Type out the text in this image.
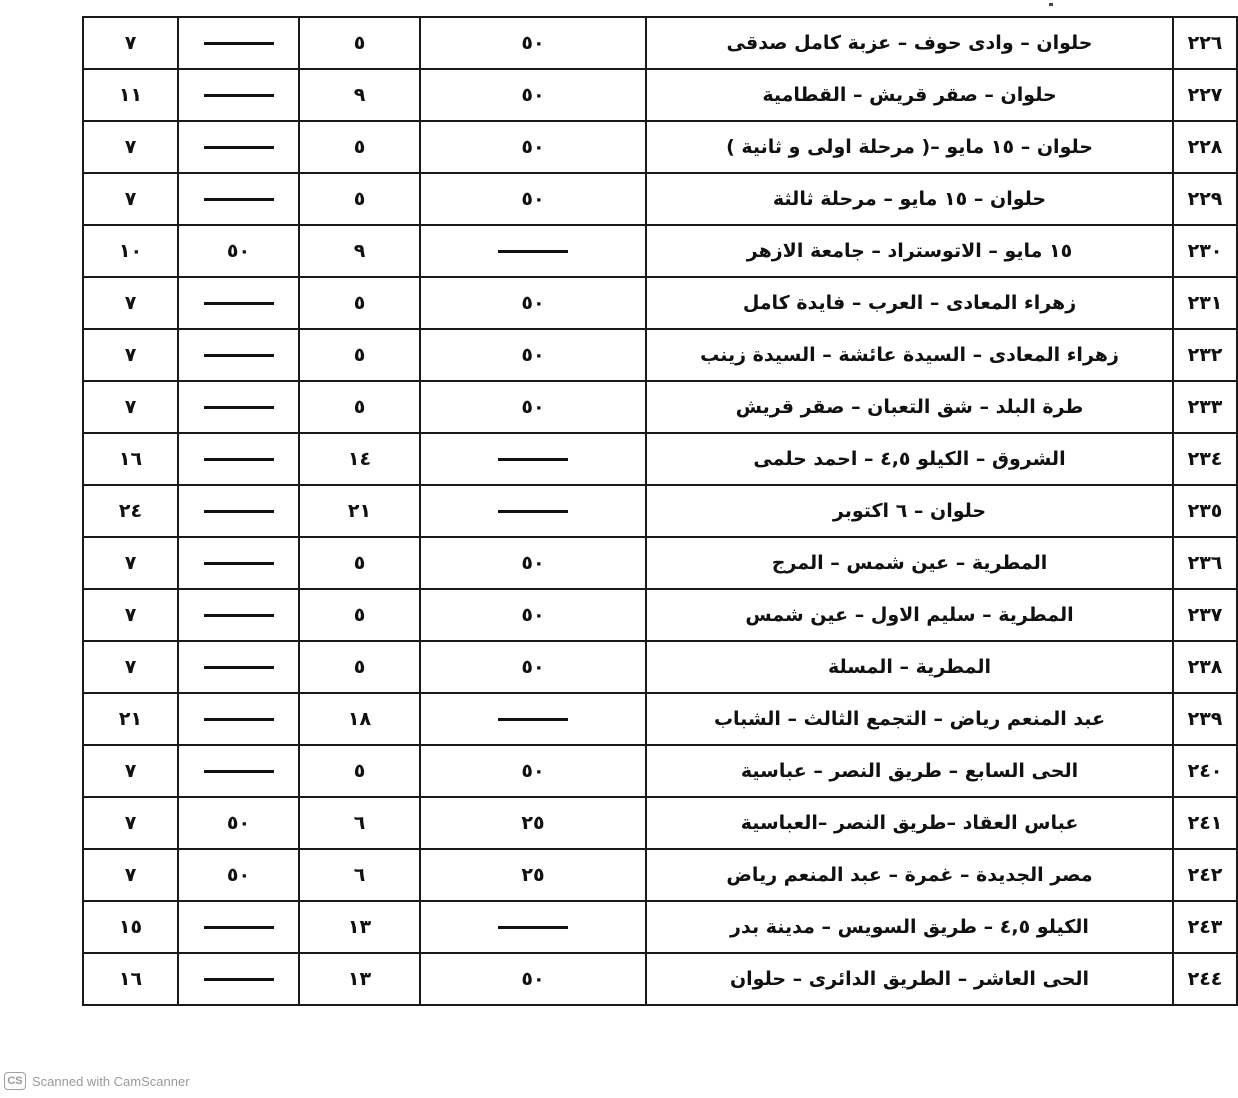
٧		٥	٥٠	حلوان – وادى حوف – عزبة كامل صدقى	٢٢٦
١١		٩	٥٠	حلوان – صقر قريش – القطامية	٢٢٧
٧		٥	٥٠	حلوان – ١٥ مايو –( مرحلة اولى و ثانية )	٢٢٨
٧		٥	٥٠	حلوان – ١٥ مايو – مرحلة ثالثة	٢٢٩
١٠	٥٠	٩		١٥ مايو – الاتوستراد – جامعة الازهر	٢٣٠
٧		٥	٥٠	زهراء المعادى – العرب – فايدة كامل	٢٣١
٧		٥	٥٠	زهراء المعادى – السيدة عائشة – السيدة زينب	٢٣٢
٧		٥	٥٠	طرة البلد – شق التعبان – صقر قريش	٢٣٣
١٦		١٤		الشروق – الكيلو ٤,٥ – احمد حلمى	٢٣٤
٢٤		٢١		حلوان – ٦ اكتوبر	٢٣٥
٧		٥	٥٠	المطرية – عين شمس – المرج	٢٣٦
٧		٥	٥٠	المطرية – سليم الاول – عين شمس	٢٣٧
٧		٥	٥٠	المطرية – المسلة	٢٣٨
٢١		١٨		عبد المنعم رياض – التجمع الثالث – الشباب	٢٣٩
٧		٥	٥٠	الحى السابع – طريق النصر – عباسية	٢٤٠
٧	٥٠	٦	٢٥	عباس العقاد –طريق النصر –العباسية	٢٤١
٧	٥٠	٦	٢٥	مصر الجديدة – غمرة – عبد المنعم رياض	٢٤٢
١٥		١٣		الكيلو ٤,٥ – طريق السويس – مدينة بدر	٢٤٣
١٦		١٣	٥٠	الحى العاشر – الطريق الدائرى – حلوان	٢٤٤
CS Scanned with CamScanner
